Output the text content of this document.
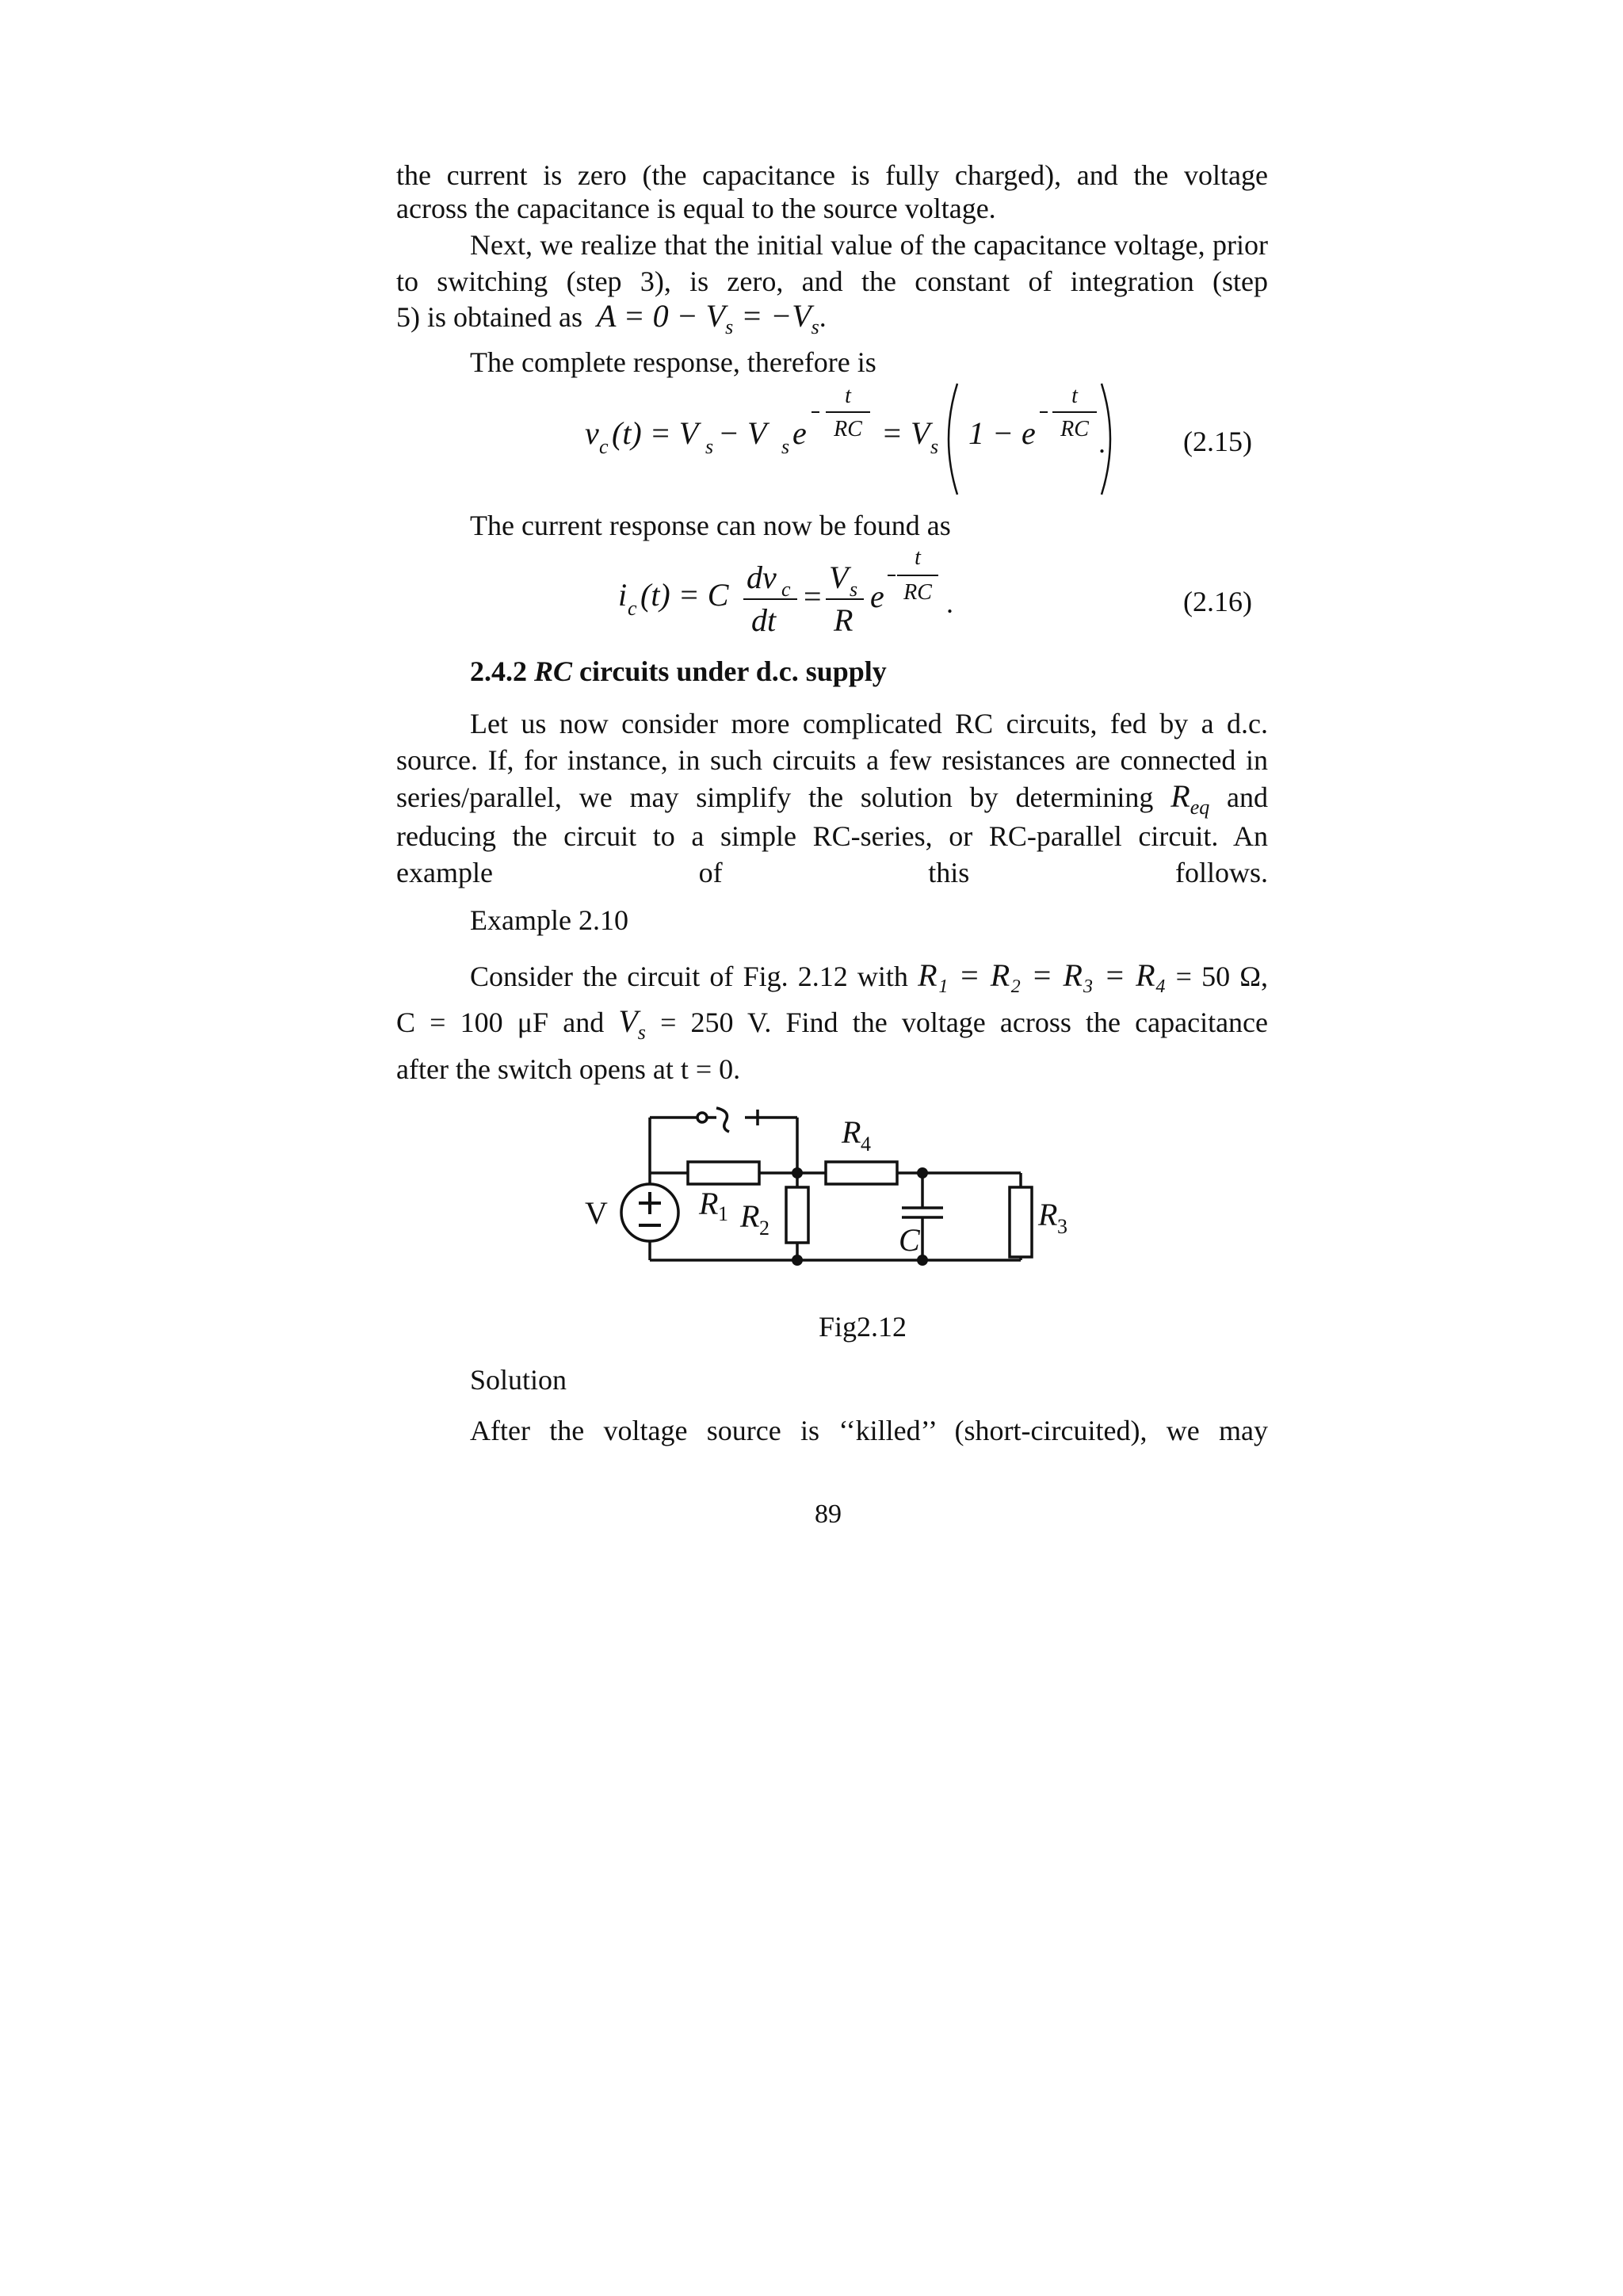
the current is zero (the capacitance is fully charged), and the voltage
across the capacitance is equal to the source voltage.
Next, we realize that the initial value of the capacitance voltage, prior to switching (step 3), is zero, and the constant of integration (step
5) is obtained as $A = 0 - V_s = -V_s$.
The complete response, therefore is
v c (t) = V s − V s e
t
RC = V s 1 − e
t
RC .	(2.15)
The current response can now be found as
i c (t) = C dv c
dt
=
V s
R
e
t
RC .	(2.16)
2.4.2 RC circuits under d.c. supply
Let us now consider more complicated RC circuits, fed by a d.c. source. If, for instance, in such circuits a few resistances are connected in series/parallel, we may simplify the solution by determining $R_{eq}$ and
reducing the circuit to a simple RC-series, or RC-parallel circuit. An example of this follows.
Example 2.10
Consider the circuit of Fig. 2.12 with R₁ = R₂ = R₃ = R₄ = 50 Ω,
C = 100 μF and $V_s = 250$ V. Find the voltage across the capacitance
after the switch opens at t = 0.
V	R 1 R 2
R 4
C
R 3
Fig2.12
Solution
After the voltage source is ‘‘killed’’ (short-circuited), we may
89
